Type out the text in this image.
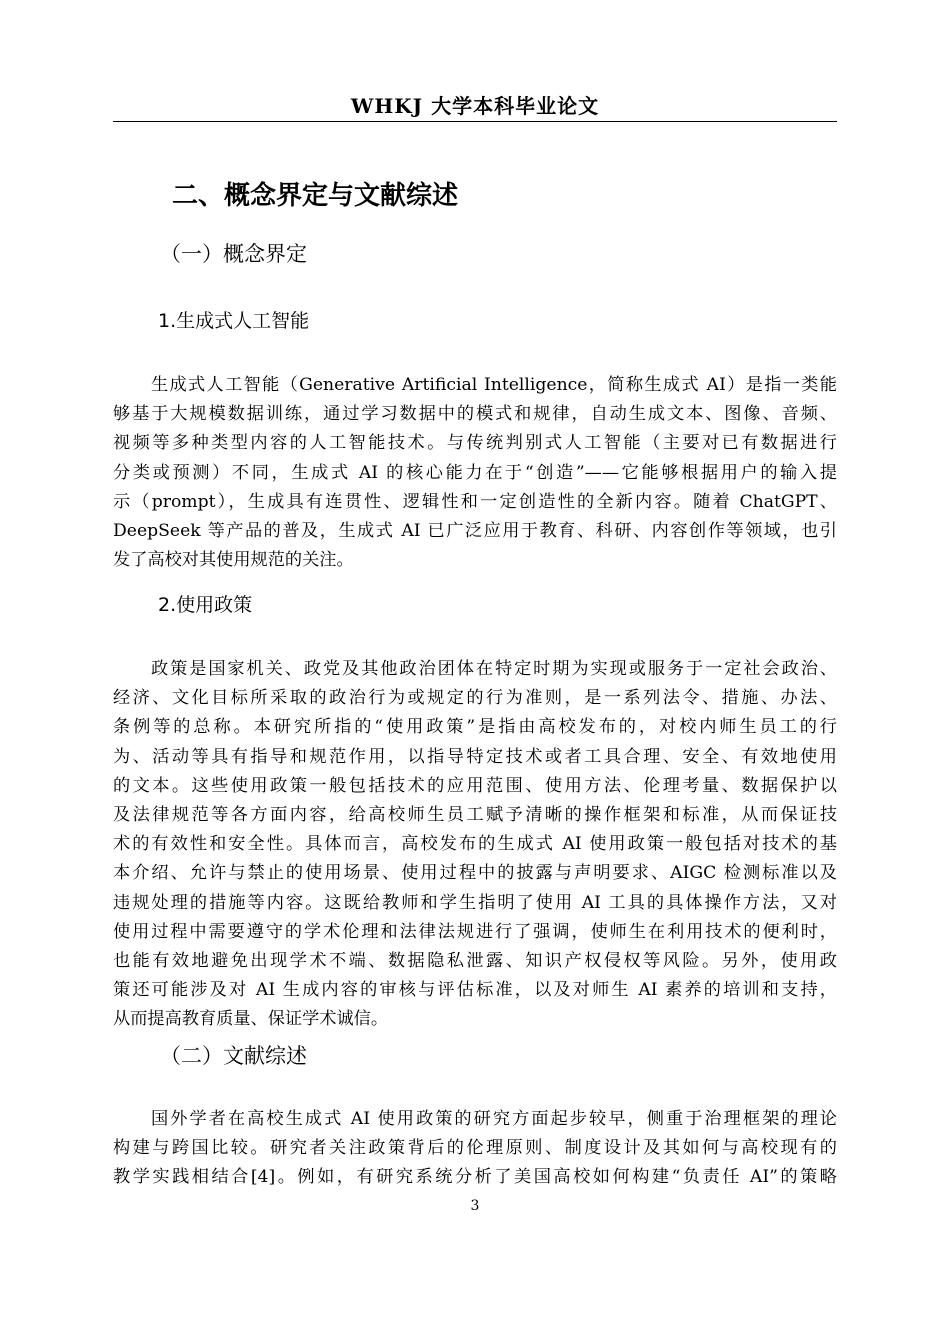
WHKJ 大学本科毕业论文
二、概念界定与文献综述
（一）概念界定
1.生成式人工智能
生成式人工智能（Generative Artificial Intelligence，简称生成式 AI）是指一类能
够基于大规模数据训练，通过学习数据中的模式和规律，自动生成文本、图像、音频、
视频等多种类型内容的人工智能技术。与传统判别式人工智能（主要对已有数据进行
分类或预测）不同，生成式 AI 的核心能力在于“创造”——它能够根据用户的输入提
示（prompt），生成具有连贯性、逻辑性和一定创造性的全新内容。随着 ChatGPT、
DeepSeek 等产品的普及，生成式 AI 已广泛应用于教育、科研、内容创作等领域，也引
发了高校对其使用规范的关注。
2.使用政策
政策是国家机关、政党及其他政治团体在特定时期为实现或服务于一定社会政治、
经济、文化目标所采取的政治行为或规定的行为准则，是一系列法令、措施、办法、
条例等的总称。本研究所指的“使用政策”是指由高校发布的，对校内师生员工的行
为、活动等具有指导和规范作用，以指导特定技术或者工具合理、安全、有效地使用
的文本。这些使用政策一般包括技术的应用范围、使用方法、伦理考量、数据保护以
及法律规范等各方面内容，给高校师生员工赋予清晰的操作框架和标准，从而保证技
术的有效性和安全性。具体而言，高校发布的生成式 AI 使用政策一般包括对技术的基
本介绍、允许与禁止的使用场景、使用过程中的披露与声明要求、AIGC 检测标准以及
违规处理的措施等内容。这既给教师和学生指明了使用 AI 工具的具体操作方法，又对
使用过程中需要遵守的学术伦理和法律法规进行了强调，使师生在利用技术的便利时，
也能有效地避免出现学术不端、数据隐私泄露、知识产权侵权等风险。另外，使用政
策还可能涉及对 AI 生成内容的审核与评估标准，以及对师生 AI 素养的培训和支持，
从而提高教育质量、保证学术诚信。
（二）文献综述
国外学者在高校生成式 AI 使用政策的研究方面起步较早，侧重于治理框架的理论
构建与跨国比较。研究者关注政策背后的伦理原则、制度设计及其如何与高校现有的
教学实践相结合[4]。例如，有研究系统分析了美国高校如何构建“负责任 AI”的策略
3
